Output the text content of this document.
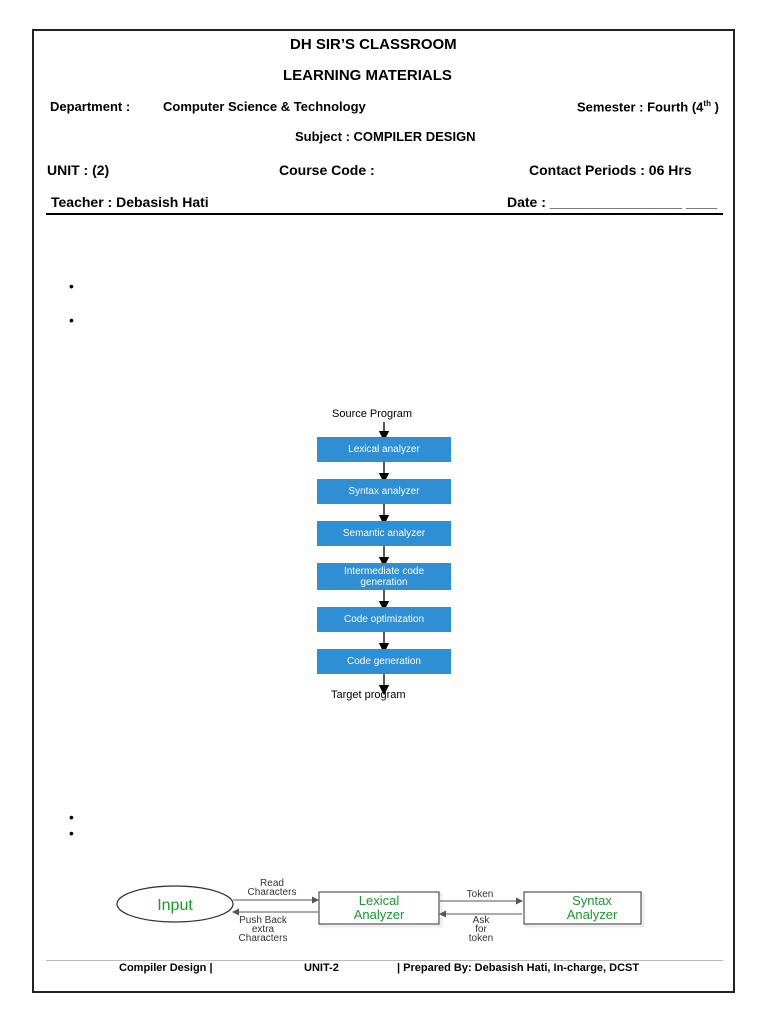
DH SIR’S CLASSROOM
LEARNING MATERIALS
Department :	Computer Science & Technology	Semester : Fourth (4th )
Subject : COMPILER DESIGN
UNIT : (2)	Course Code :	Contact Periods : 06 Hrs
Teacher : Debasish Hati	Date : _________________ ____
•
•
•
•
Source Program
Lexical analyzer
Syntax analyzer
Semantic analyzer
Intermediate code
generation
Code optimization
Code generation
Target program
Input
Read
Characters
Push Back
extra
Characters
Lexical
Analyzer
Token
Ask
for
token
Syntax
Analyzer
Compiler Design |	UNIT-2	| Prepared By: Debasish Hati, In-charge, DCST
